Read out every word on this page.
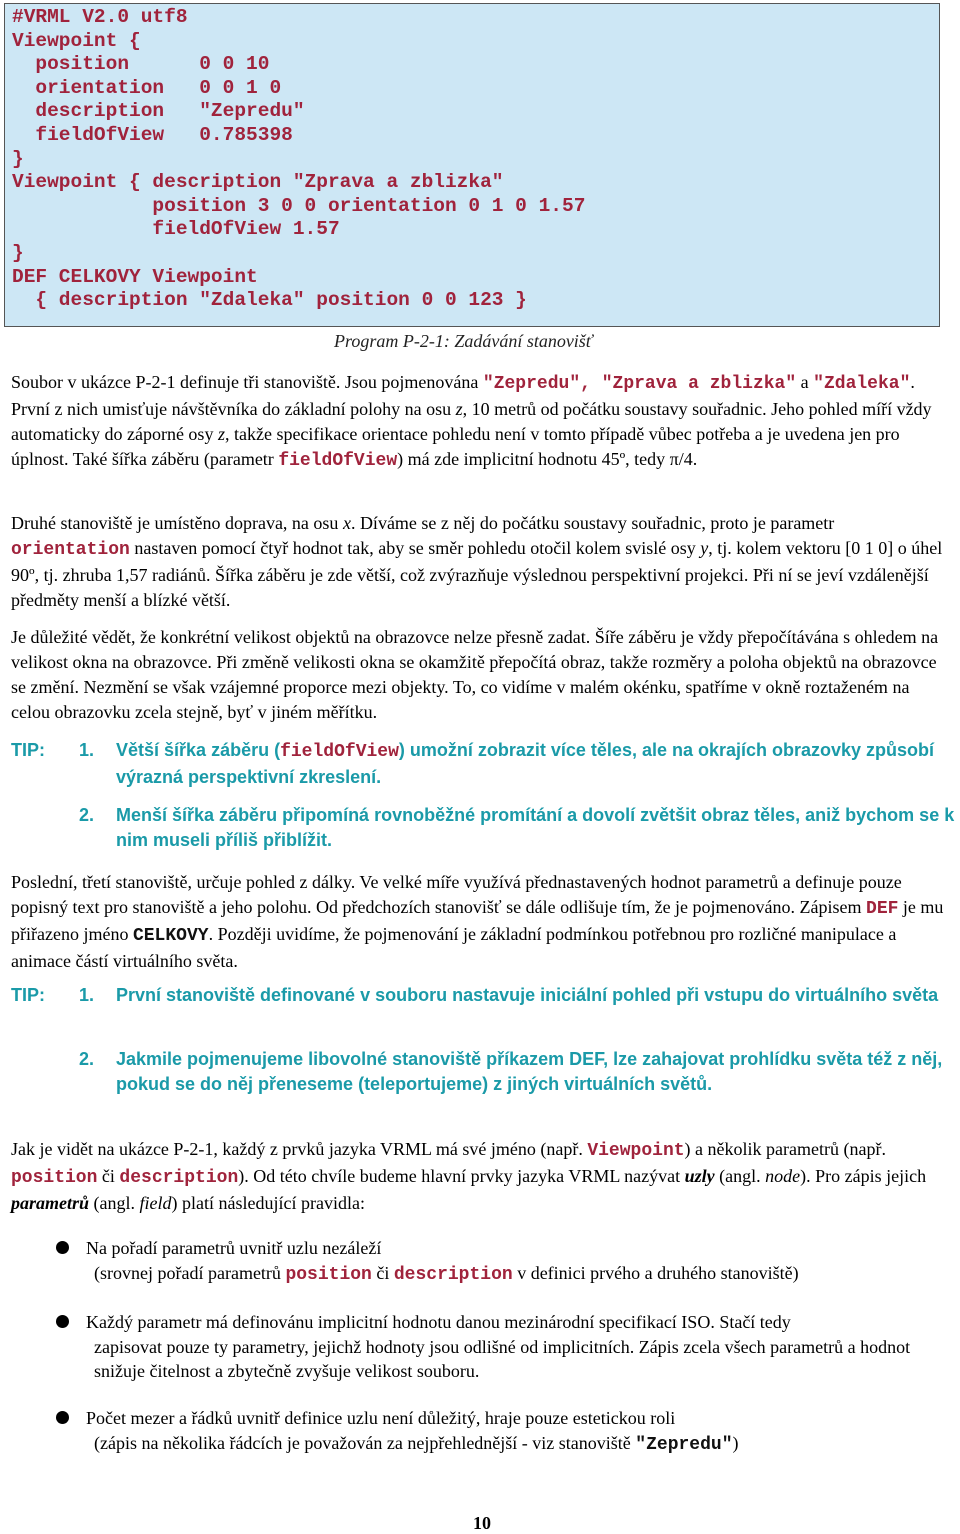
#VRML V2.0 utf8
Viewpoint {
position      0 0 10
orientation   0 0 1 0
description   "Zepredu"
fieldOfView   0.785398
}
Viewpoint { description "Zprava a zblizka"
position 3 0 0 orientation 0 1 0 1.57
fieldOfView 1.57
}
DEF CELKOVY Viewpoint
{ description "Zdaleka" position 0 0 123 }
Program P-2-1: Zadávání stanovišť

Soubor v ukázce P-2-1 definuje tři stanoviště. Jsou pojmenována "Zepredu", "Zprava a zblizka" a "Zdaleka". První z nich umisťuje návštěvníka do základní polohy na osu z, 10 metrů od počátku soustavy souřadnic. Jeho pohled míří vždy automaticky do záporné osy z, takže specifikace orientace pohledu není v tomto případě vůbec potřeba a je uvedena jen pro úplnost. Také šířka záběru (parametr fieldOfView) má zde implicitní hodnotu 45º, tedy π/4.

Druhé stanoviště je umístěno doprava, na osu x. Díváme se z něj do počátku soustavy souřadnic, proto je parametr orientation nastaven pomocí čtyř hodnot tak, aby se směr pohledu otočil kolem svislé osy y, tj. kolem vektoru [0 1 0] o úhel 90º, tj. zhruba 1,57 radiánů. Šířka záběru je zde větší, což zvýrazňuje výslednou perspektivní projekci. Při ní se jeví vzdálenější předměty menší a blízké větší.

Je důležité vědět, že konkrétní velikost objektů na obrazovce nelze přesně zadat. Šíře záběru je vždy přepočítávána s ohledem na velikost okna na obrazovce. Při změně velikosti okna se okamžitě přepočítá obraz, takže rozměry a poloha objektů na obrazovce se změní. Nezmění se však vzájemné proporce mezi objekty. To, co vidíme v malém okénku, spatříme v okně roztaženém na celou obrazovku zcela stejně, byť v jiném měřítku.

TIP: 1. Větší šířka záběru (fieldOfView) umožní zobrazit více těles, ale na okrajích obrazovky způsobí výrazná perspektivní zkreslení.
2. Menší šířka záběru připomíná rovnoběžné promítání a dovolí zvětšit obraz těles, aniž bychom se k nim museli příliš přiblížit.

Poslední, třetí stanoviště, určuje pohled z dálky. Ve velké míře využívá přednastavených hodnot parametrů a definuje pouze popisný text pro stanoviště a jeho polohu. Od předchozích stanovišť se dále odlišuje tím, že je pojmenováno. Zápisem DEF je mu přiřazeno jméno CELKOVY. Později uvidíme, že pojmenování je základní podmínkou potřebnou pro rozličné manipulace a animace částí virtuálního světa.

TIP: 1. První stanoviště definované v souboru nastavuje iniciální pohled při vstupu do virtuálního světa
2. Jakmile pojmenujeme libovolné stanoviště příkazem DEF, lze zahajovat prohlídku světa též z něj, pokud se do něj přeneseme (teleportujeme) z jiných virtuálních světů.

Jak je vidět na ukázce P-2-1, každý z prvků jazyka VRML má své jméno (např. Viewpoint) a několik parametrů (např. position či description). Od této chvíle budeme hlavní prvky jazyka VRML nazývat uzly (angl. node). Pro zápis jejich parametrů (angl. field) platí následující pravidla:

Na pořadí parametrů uvnitř uzlu nezáleží
(srovnej pořadí parametrů position či description v definici prvého a druhého stanoviště)
Každý parametr má definovánu implicitní hodnotu danou mezinárodní specifikací ISO. Stačí tedy
zapisovat pouze ty parametry, jejichž hodnoty jsou odlišné od implicitních. Zápis zcela všech parametrů a hodnot snižuje čitelnost a zbytečně zvyšuje velikost souboru.
Počet mezer a řádků uvnitř definice uzlu není důležitý, hraje pouze estetickou roli
(zápis na několika řádcích je považován za nejpřehlednější - viz stanoviště "Zepredu")
10
